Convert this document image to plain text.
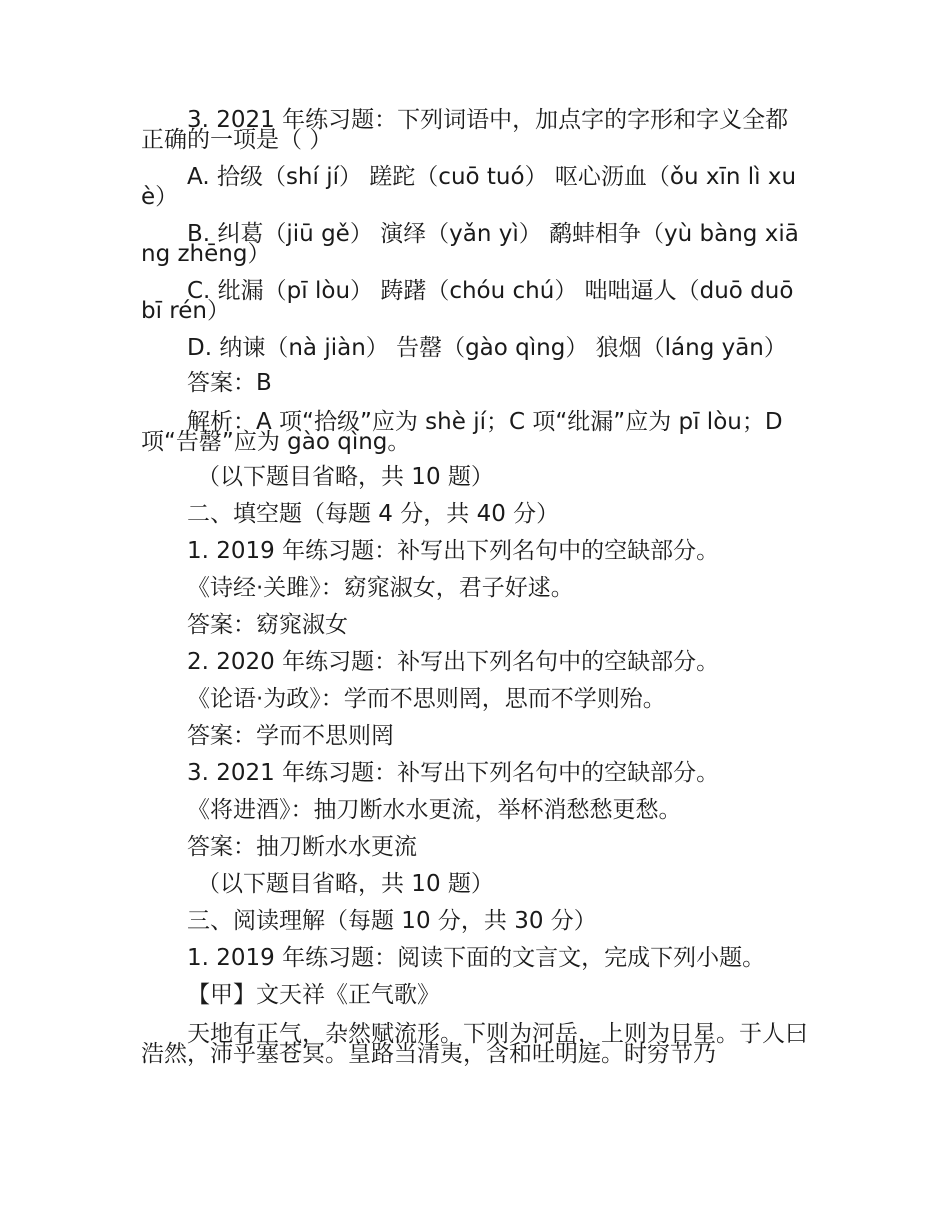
3. 2021 年练习题：下列词语中，加点字的字形和字义全都正确的一项是（ ）

A. 拾级（shí jí） 蹉跎（cuō tuó） 呕心沥血（ǒu xīn lì xuè）

B. 纠葛（jiū gě） 演绎（yǎn yì） 鹬蚌相争（yù bàng xiāng zhēng）

C. 纰漏（pī lòu） 踌躇（chóu chú） 咄咄逼人（duō duō bī rén）

D. 纳谏（nà jiàn） 告罄（gào qìng） 狼烟（láng yān）

答案：B

解析：A 项“拾级”应为 shè jí；C 项“纰漏”应为 pī lòu；D 项“告罄”应为 gào qìng。

（以下题目省略，共 10 题）

二、填空题（每题 4 分，共 40 分）

1. 2019 年练习题：补写出下列名句中的空缺部分。

《诗经·关雎》：窈窕淑女，君子好逑。

答案：窈窕淑女

2. 2020 年练习题：补写出下列名句中的空缺部分。

《论语·为政》：学而不思则罔，思而不学则殆。

答案：学而不思则罔

3. 2021 年练习题：补写出下列名句中的空缺部分。

《将进酒》：抽刀断水水更流，举杯消愁愁更愁。

答案：抽刀断水水更流

（以下题目省略，共 10 题）

三、阅读理解（每题 10 分，共 30 分）

1. 2019 年练习题：阅读下面的文言文，完成下列小题。

【甲】文天祥《正气歌》

天地有正气，杂然赋流形。下则为河岳，上则为日星。于人曰浩然，沛乎塞苍冥。皇路当清夷，含和吐明庭。时穷节乃
